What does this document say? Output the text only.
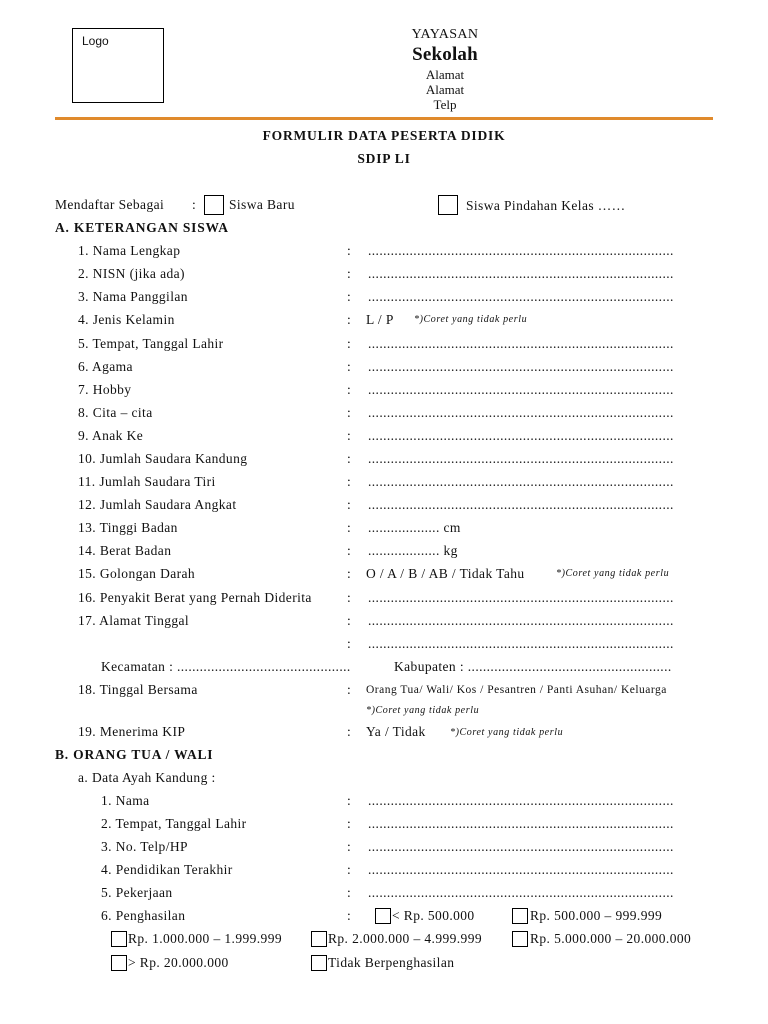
Logo	YAYASAN
Sekolah
Alamat
Alamat
Telp
FORMULIR DATA PESERTA DIDIK
SDIP LI
Mendaftar Sebagai : Siswa Baru	Siswa Pindahan Kelas ……
A. KETERANGAN SISWA
1. Nama Lengkap	: .................................................................................
2. NISN (jika ada)	: .................................................................................
3. Nama Panggilan	: .................................................................................
4. Jenis Kelamin	: L / P *)Coret yang tidak perlu
5. Tempat, Tanggal Lahir	: .................................................................................
6. Agama	: .................................................................................
7. Hobby	: .................................................................................
8. Cita – cita	: .................................................................................
9. Anak Ke	: .................................................................................
10. Jumlah Saudara Kandung	: .................................................................................
11. Jumlah Saudara Tiri	: .................................................................................
12. Jumlah Saudara Angkat	: .................................................................................
13. Tinggi Badan	: ................... cm
14. Berat Badan	: ................... kg
15. Golongan Darah	: O / A / B / AB / Tidak Tahu	*)Coret yang tidak perlu
16. Penyakit Berat yang Pernah Diderita	: .................................................................................
17. Alamat Tinggal	: .................................................................................
: .................................................................................
Kecamatan : ..............................................	Kabupaten : ......................................................
18. Tinggal Bersama	: Orang Tua/ Wali/ Kos / Pesantren / Panti Asuhan/ Keluarga
*)Coret yang tidak perlu
19. Menerima KIP	: Ya / Tidak *)Coret yang tidak perlu
B. ORANG TUA / WALI
a. Data Ayah Kandung :
1. Nama	: .................................................................................
2. Tempat, Tanggal Lahir	: .................................................................................
3. No. Telp/HP	: .................................................................................
4. Pendidikan Terakhir	: .................................................................................
5. Pekerjaan	: .................................................................................
6. Penghasilan	:	< Rp. 500.000	Rp. 500.000 – 999.999
Rp. 1.000.000 – 1.999.999	Rp. 2.000.000 – 4.999.999	Rp. 5.000.000 – 20.000.000
> Rp. 20.000.000	Tidak Berpenghasilan
